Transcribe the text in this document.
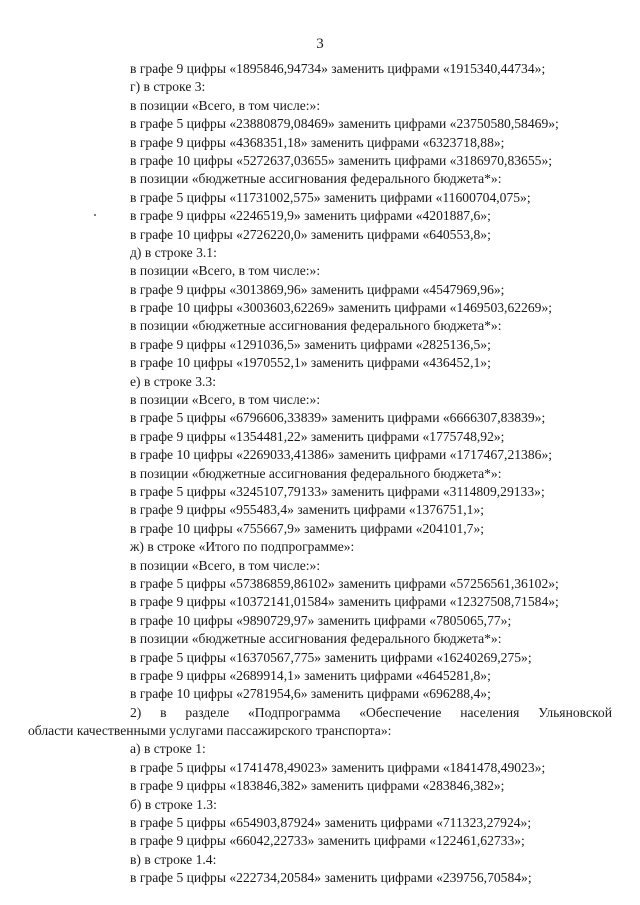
3
в графе 9 цифры «1895846,94734» заменить цифрами «1915340,44734»;
г) в строке 3:
в позиции «Всего, в том числе:»:
в графе 5 цифры «23880879,08469» заменить цифрами «23750580,58469»;
в графе 9 цифры «4368351,18» заменить цифрами «6323718,88»;
в графе 10 цифры «5272637,03655» заменить цифрами «3186970,83655»;
в позиции «бюджетные ассигнования федерального бюджета*»:
в графе 5 цифры «11731002,575» заменить цифрами «11600704,075»;
в графе 9 цифры «2246519,9» заменить цифрами «4201887,6»;
в графе 10 цифры «2726220,0» заменить цифрами «640553,8»;
д) в строке 3.1:
в позиции «Всего, в том числе:»:
в графе 9 цифры «3013869,96» заменить цифрами «4547969,96»;
в графе 10 цифры «3003603,62269» заменить цифрами «1469503,62269»;
в позиции «бюджетные ассигнования федерального бюджета*»:
в графе 9 цифры «1291036,5» заменить цифрами «2825136,5»;
в графе 10 цифры «1970552,1» заменить цифрами «436452,1»;
е) в строке 3.3:
в позиции «Всего, в том числе:»:
в графе 5 цифры «6796606,33839» заменить цифрами «6666307,83839»;
в графе 9 цифры «1354481,22» заменить цифрами «1775748,92»;
в графе 10 цифры «2269033,41386» заменить цифрами «1717467,21386»;
в позиции «бюджетные ассигнования федерального бюджета*»:
в графе 5 цифры «3245107,79133» заменить цифрами «3114809,29133»;
в графе 9 цифры «955483,4» заменить цифрами «1376751,1»;
в графе 10 цифры «755667,9» заменить цифрами «204101,7»;
ж) в строке «Итого по подпрограмме»:
в позиции «Всего, в том числе:»:
в графе 5 цифры «57386859,86102» заменить цифрами «57256561,36102»;
в графе 9 цифры «10372141,01584» заменить цифрами «12327508,71584»;
в графе 10 цифры «9890729,97» заменить цифрами «7805065,77»;
в позиции «бюджетные ассигнования федерального бюджета*»:
в графе 5 цифры «16370567,775» заменить цифрами «16240269,275»;
в графе 9 цифры «2689914,1» заменить цифрами «4645281,8»;
в графе 10 цифры «2781954,6» заменить цифрами «696288,4»;
2) в разделе «Подпрограмма «Обеспечение населения Ульяновской
области качественными услугами пассажирского транспорта»:
а) в строке 1:
в графе 5 цифры «1741478,49023» заменить цифрами «1841478,49023»;
в графе 9 цифры «183846,382» заменить цифрами «283846,382»;
б) в строке 1.3:
в графе 5 цифры «654903,87924» заменить цифрами «711323,27924»;
в графе 9 цифры «66042,22733» заменить цифрами «122461,62733»;
в) в строке 1.4:
в графе 5 цифры «222734,20584» заменить цифрами «239756,70584»;
